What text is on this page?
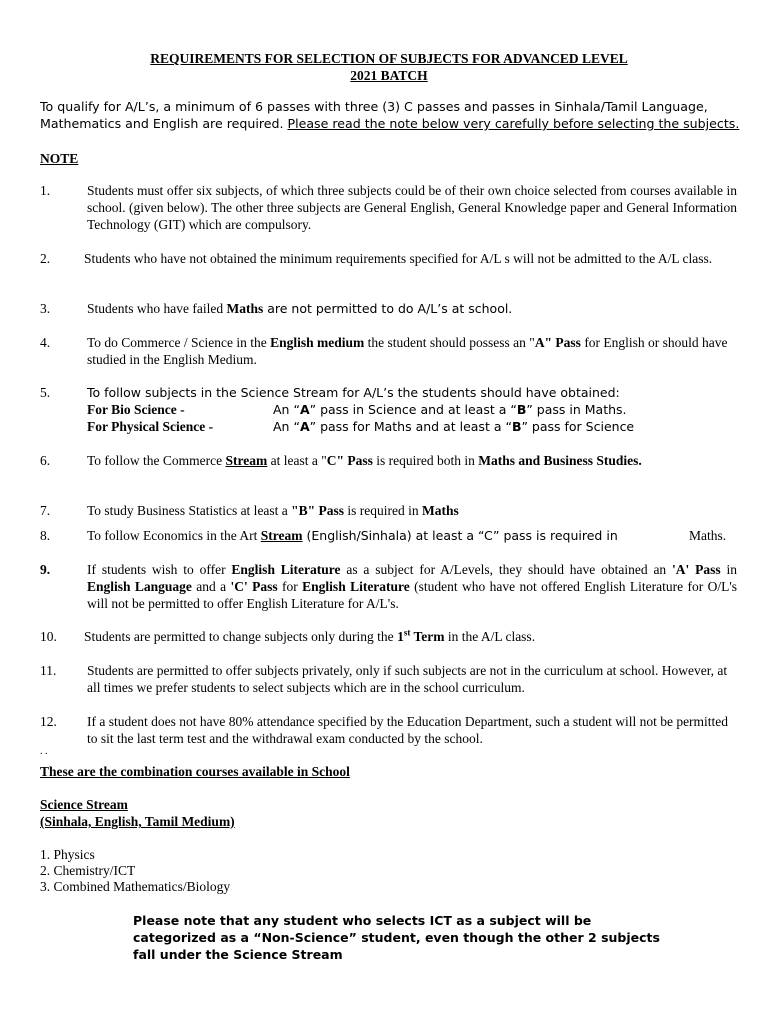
REQUIREMENTS FOR SELECTION OF SUBJECTS FOR ADVANCED LEVEL
2021 BATCH
To qualify for A/L’s, a minimum of 6 passes with three (3) C passes and passes in Sinhala/Tamil Language, Mathematics and English are required. Please read the note below very carefully before selecting the subjects.
NOTE
1.	Students must offer six subjects, of which three subjects could be of their own choice selected from courses available in school. (given below). The other three subjects are General English, General Knowledge paper and General Information Technology (GIT) which are compulsory.
2.	Students who have not obtained the minimum requirements specified for A/L s will not be admitted to the A/L class.
3.	Students who have failed Maths are not permitted to do A/L’s at school.
4.	To do Commerce / Science in the English medium the student should possess an "A" Pass for English or should have studied in the English Medium.
5.	To follow subjects in the Science Stream for A/L’s the students should have obtained:
For Bio Science -	An “A” pass in Science and at least a “B” pass in Maths.
For Physical Science -	An “A” pass for Maths and at least a “B” pass for Science
6.	To follow the Commerce Stream at least a "C" Pass is required both in Maths and Business Studies.
7.	To study Business Statistics at least a "B" Pass is required in Maths
8.	To follow Economics in the Art Stream (English/Sinhala) at least a “C” pass is required in	Maths.
9.	If students wish to offer English Literature as a subject for A/Levels, they should have obtained an 'A' Pass in English Language and a 'C' Pass for English Literature (student who have not offered English Literature for O/L's will not be permitted to offer English Literature for A/L's.
10. Students are permitted to change subjects only during the 1st Term in the A/L class.
11. Students are permitted to offer subjects privately, only if such subjects are not in the curriculum at school. However, at all times we prefer students to select subjects which are in the school curriculum.
12. If a student does not have 80% attendance specified by the Education Department, such a student will not be permitted to sit the last term test and the withdrawal exam conducted by the school.
. .
These are the combination courses available in School
Science Stream
(Sinhala, English, Tamil Medium)
1. Physics
2. Chemistry/ICT
3. Combined Mathematics/Biology
Please note that any student who selects ICT as a subject will be categorized as a “Non-Science” student, even though the other 2 subjects fall under the Science Stream
